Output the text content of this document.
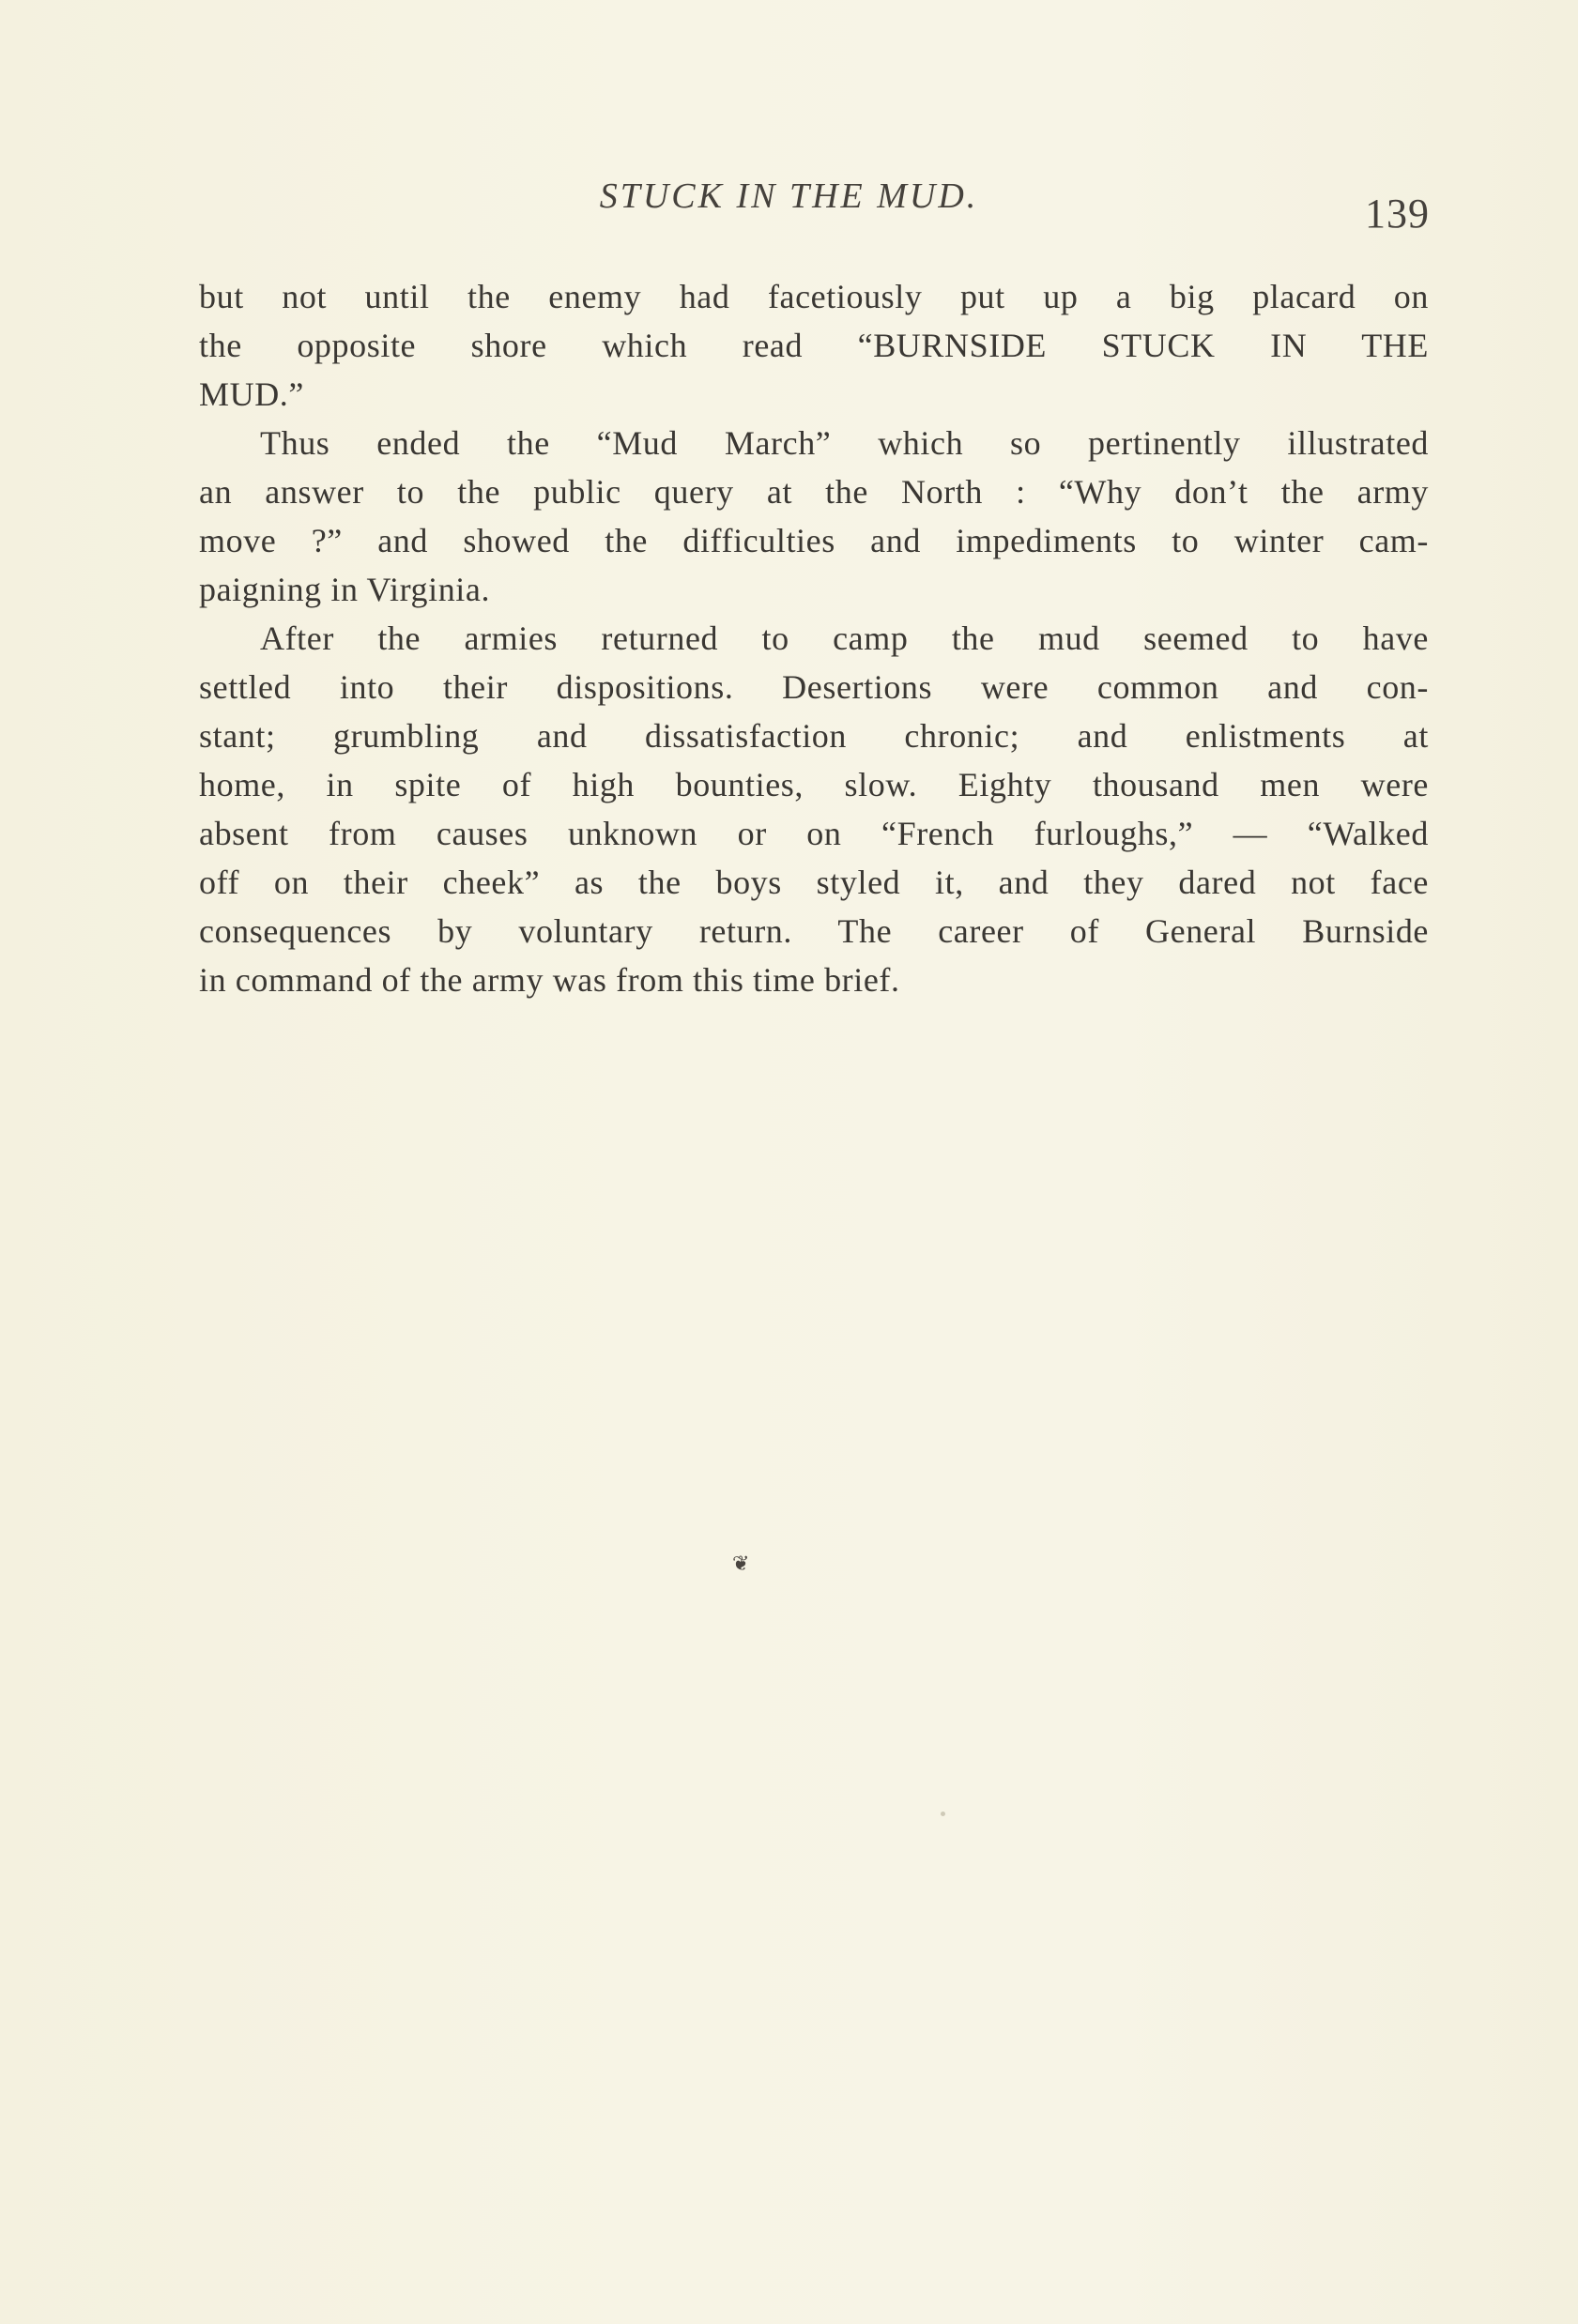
STUCK IN THE MUD.	139
but not until the enemy had facetiously put up a big placard on
the opposite shore which read “BURNSIDE STUCK IN THE
MUD.”
Thus ended the “Mud March” which so pertinently illustrated
an answer to the public query at the North : “Why don’t the army
move ?” and showed the difficulties and impediments to winter cam-
paigning in Virginia.
After the armies returned to camp the mud seemed to have
settled into their dispositions. Desertions were common and con-
stant; grumbling and dissatisfaction chronic; and enlistments at
home, in spite of high bounties, slow. Eighty thousand men were
absent from causes unknown or on “French furloughs,” — “Walked
off on their cheek” as the boys styled it, and they dared not face
consequences by voluntary return. The career of General Burnside
in command of the army was from this time brief.
❦
